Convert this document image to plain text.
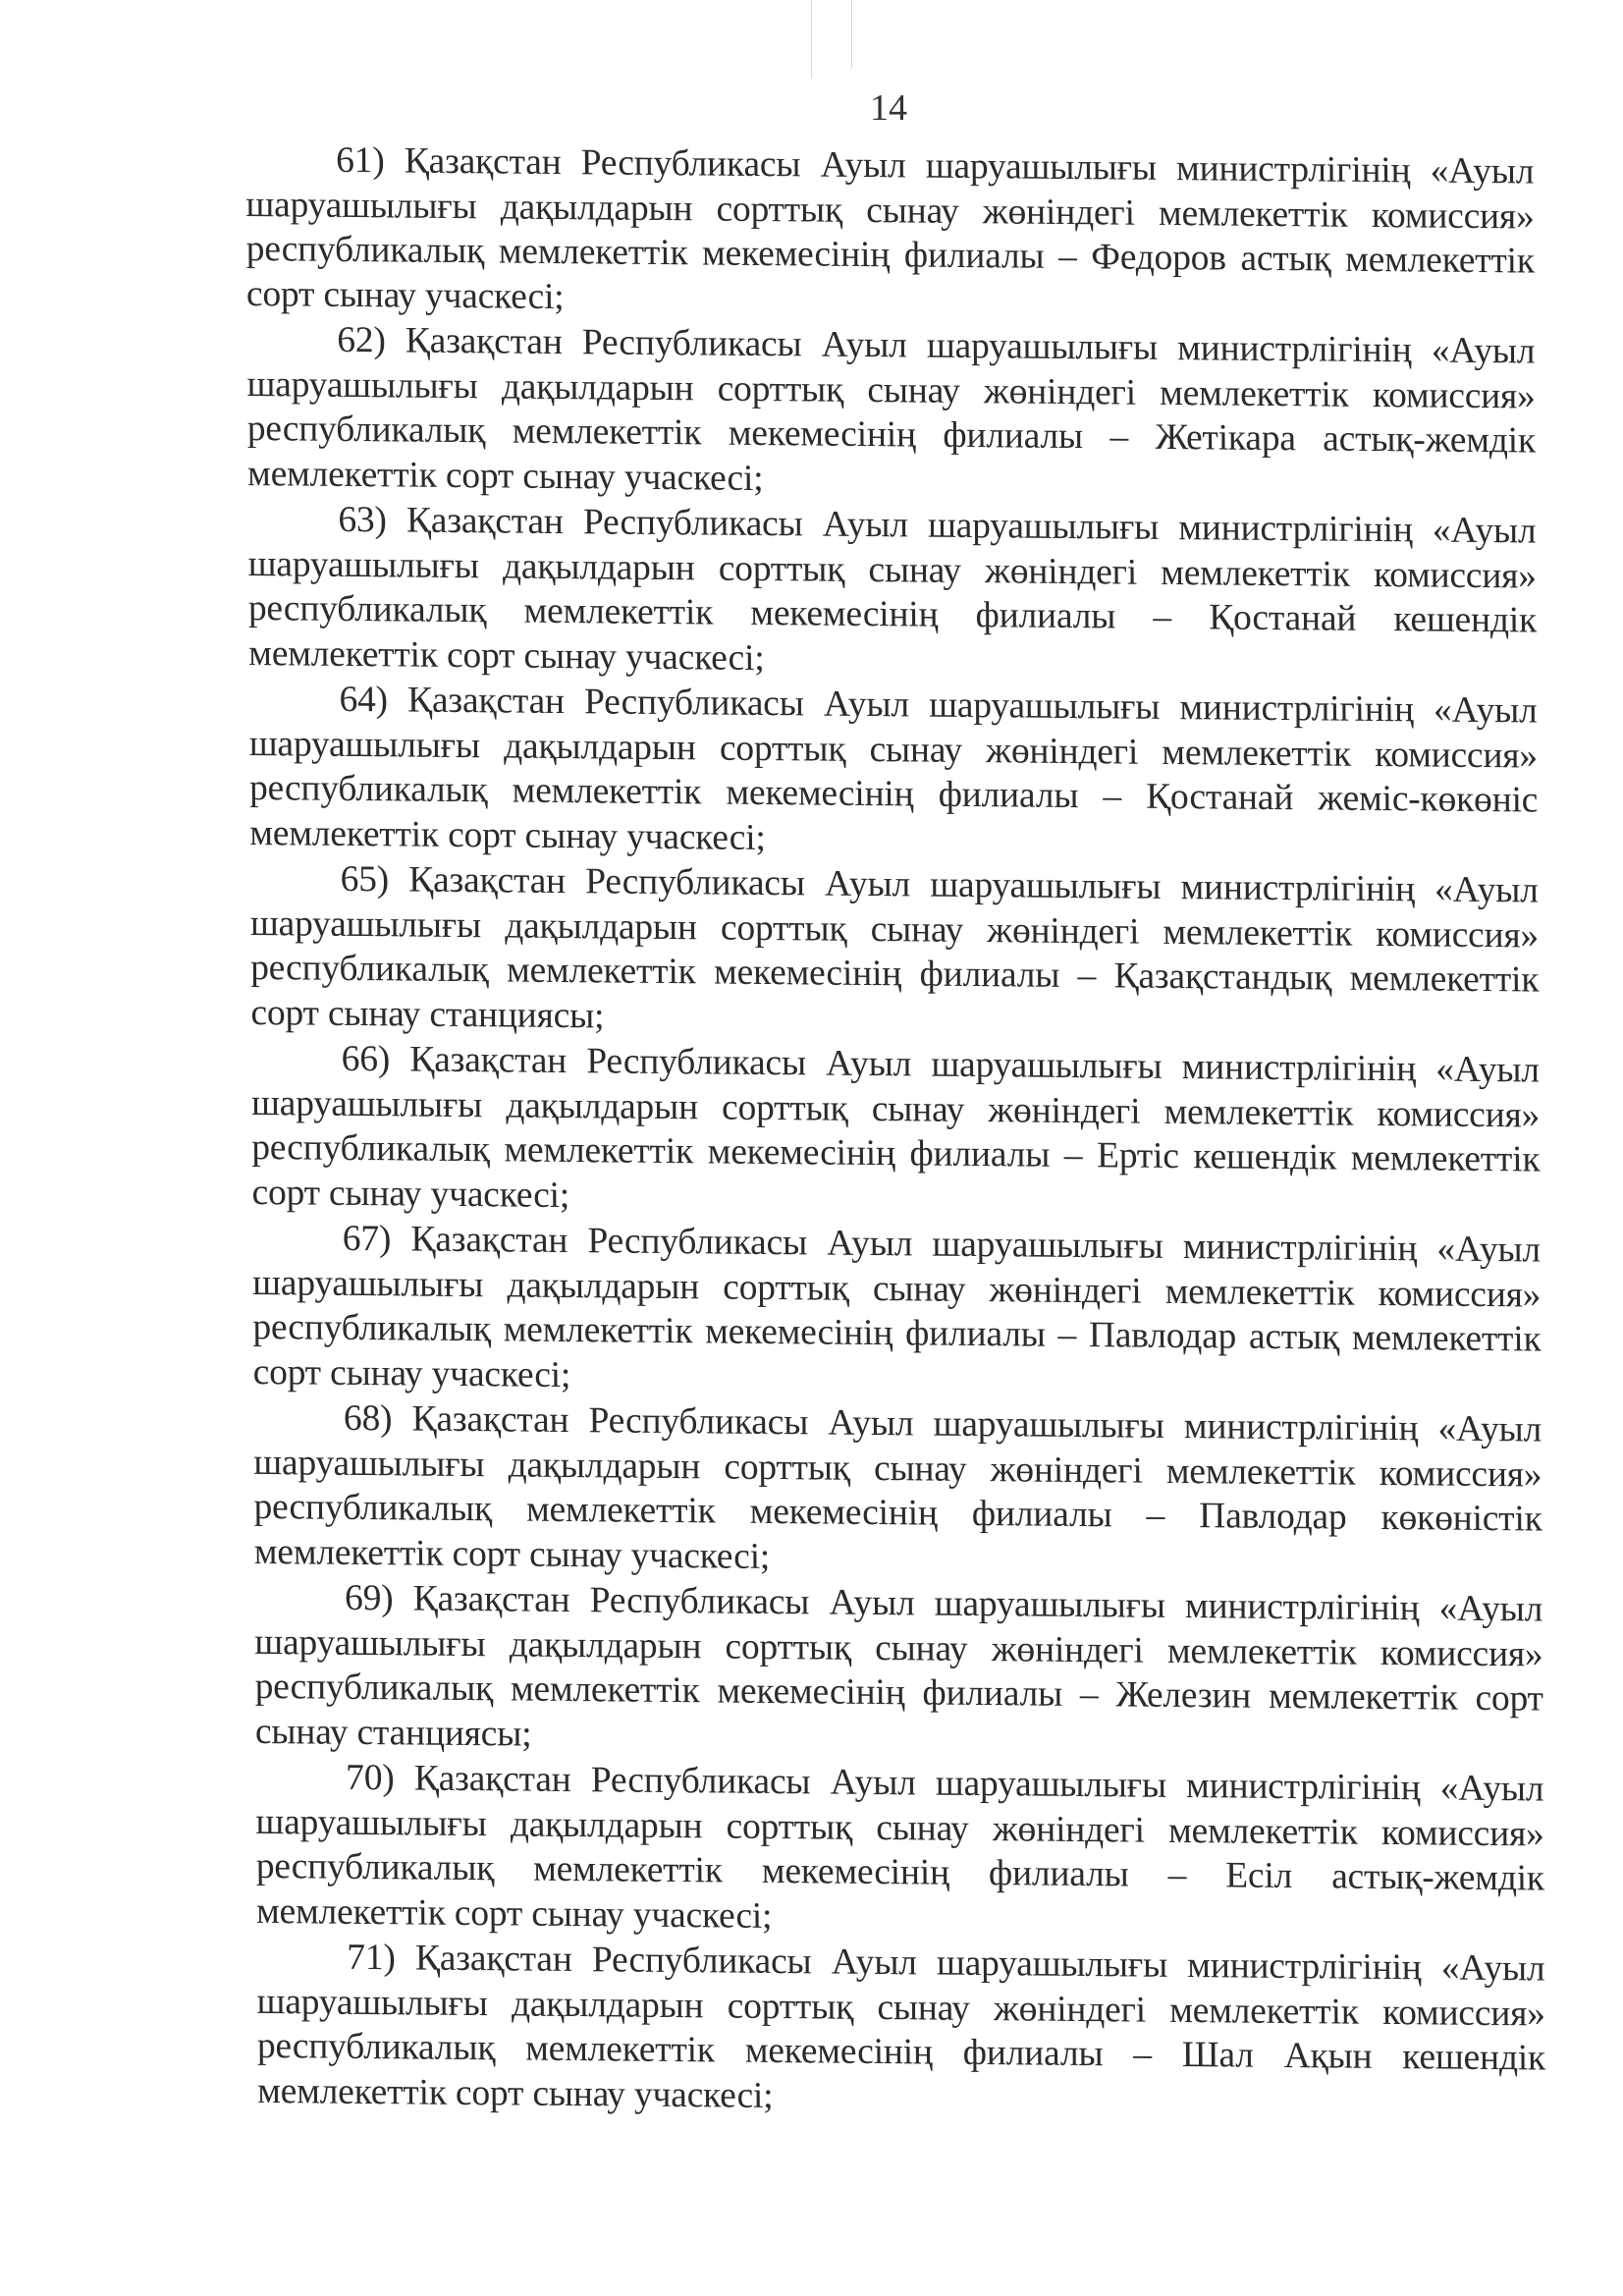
14

61) Қазақстан Республикасы Ауыл шаруашылығы министрлігінің «Ауыл шаруашылығы дақылдарын сорттық сынау жөніндегі мемлекеттік комиссия» республикалық мемлекеттік мекемесінің филиалы – Федоров астық мемлекеттік сорт сынау учаскесі;

62) Қазақстан Республикасы Ауыл шаруашылығы министрлігінің «Ауыл шаруашылығы дақылдарын сорттық сынау жөніндегі мемлекеттік комиссия» республикалық мемлекеттік мекемесінің филиалы – Жетікара астық-жемдік мемлекеттік сорт сынау учаскесі;

63) Қазақстан Республикасы Ауыл шаруашылығы министрлігінің «Ауыл шаруашылығы дақылдарын сорттық сынау жөніндегі мемлекеттік комиссия» республикалық мемлекеттік мекемесінің филиалы – Қостанай кешендік мемлекеттік сорт сынау учаскесі;

64) Қазақстан Республикасы Ауыл шаруашылығы министрлігінің «Ауыл шаруашылығы дақылдарын сорттық сынау жөніндегі мемлекеттік комиссия» республикалық мемлекеттік мекемесінің филиалы – Қостанай жеміс-көкөніс мемлекеттік сорт сынау учаскесі;

65) Қазақстан Республикасы Ауыл шаруашылығы министрлігінің «Ауыл шаруашылығы дақылдарын сорттық сынау жөніндегі мемлекеттік комиссия» республикалық мемлекеттік мекемесінің филиалы – Қазақстандық мемлекеттік сорт сынау станциясы;

66) Қазақстан Республикасы Ауыл шаруашылығы министрлігінің «Ауыл шаруашылығы дақылдарын сорттық сынау жөніндегі мемлекеттік комиссия» республикалық мемлекеттік мекемесінің филиалы – Ертіс кешендік мемлекеттік сорт сынау учаскесі;

67) Қазақстан Республикасы Ауыл шаруашылығы министрлігінің «Ауыл шаруашылығы дақылдарын сорттық сынау жөніндегі мемлекеттік комиссия» республикалық мемлекеттік мекемесінің филиалы – Павлодар астық мемлекеттік сорт сынау учаскесі;

68) Қазақстан Республикасы Ауыл шаруашылығы министрлігінің «Ауыл шаруашылығы дақылдарын сорттық сынау жөніндегі мемлекеттік комиссия» республикалық мемлекеттік мекемесінің филиалы – Павлодар көкөністік мемлекеттік сорт сынау учаскесі;

69) Қазақстан Республикасы Ауыл шаруашылығы министрлігінің «Ауыл шаруашылығы дақылдарын сорттық сынау жөніндегі мемлекеттік комиссия» республикалық мемлекеттік мекемесінің филиалы – Железин мемлекеттік сорт сынау станциясы;

70) Қазақстан Республикасы Ауыл шаруашылығы министрлігінің «Ауыл шаруашылығы дақылдарын сорттық сынау жөніндегі мемлекеттік комиссия» республикалық мемлекеттік мекемесінің филиалы – Есіл астық-жемдік мемлекеттік сорт сынау учаскесі;

71) Қазақстан Республикасы Ауыл шаруашылығы министрлігінің «Ауыл шаруашылығы дақылдарын сорттық сынау жөніндегі мемлекеттік комиссия» республикалық мемлекеттік мекемесінің филиалы – Шал Ақын кешендік мемлекеттік сорт сынау учаскесі;
